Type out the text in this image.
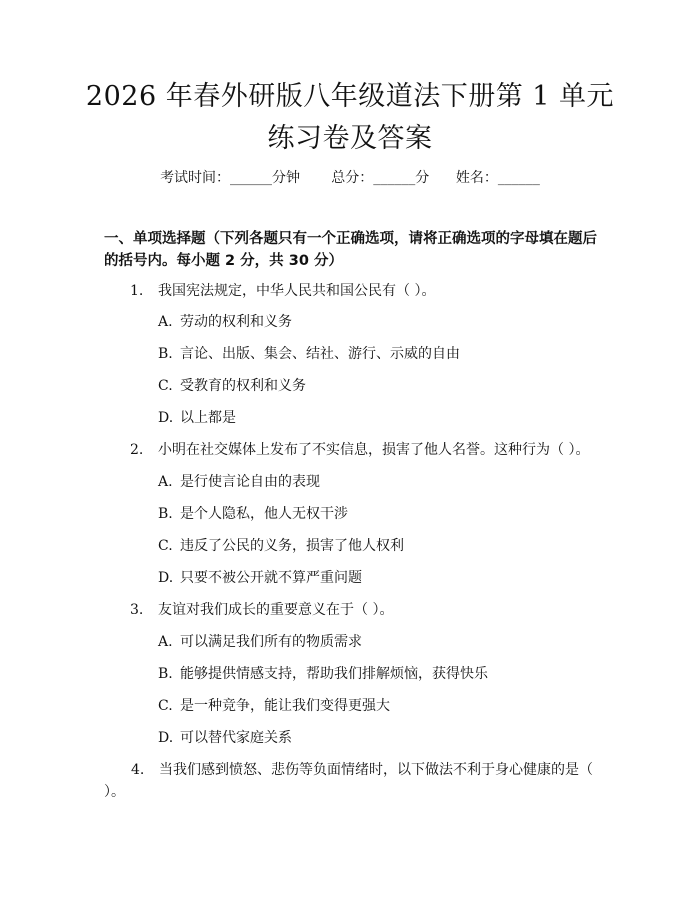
2026 年春外研版八年级道法下册第 1 单元练习卷及答案
考试时间：______分钟 总分：______分 姓名：______
一、单项选择题（下列各题只有一个正确选项，请将正确选项的字母填在题后的括号内。每小题 2 分，共 30 分）
1. 我国宪法规定，中华人民共和国公民有（ ）。
A. 劳动的权利和义务
B. 言论、出版、集会、结社、游行、示威的自由
C. 受教育的权利和义务
D. 以上都是
2. 小明在社交媒体上发布了不实信息，损害了他人名誉。这种行为（ ）。
A. 是行使言论自由的表现
B. 是个人隐私，他人无权干涉
C. 违反了公民的义务，损害了他人权利
D. 只要不被公开就不算严重问题
3. 友谊对我们成长的重要意义在于（ ）。
A. 可以满足我们所有的物质需求
B. 能够提供情感支持，帮助我们排解烦恼，获得快乐
C. 是一种竞争，能让我们变得更强大
D. 可以替代家庭关系
4. 当我们感到愤怒、悲伤等负面情绪时，以下做法不利于身心健康的是（ ）。
